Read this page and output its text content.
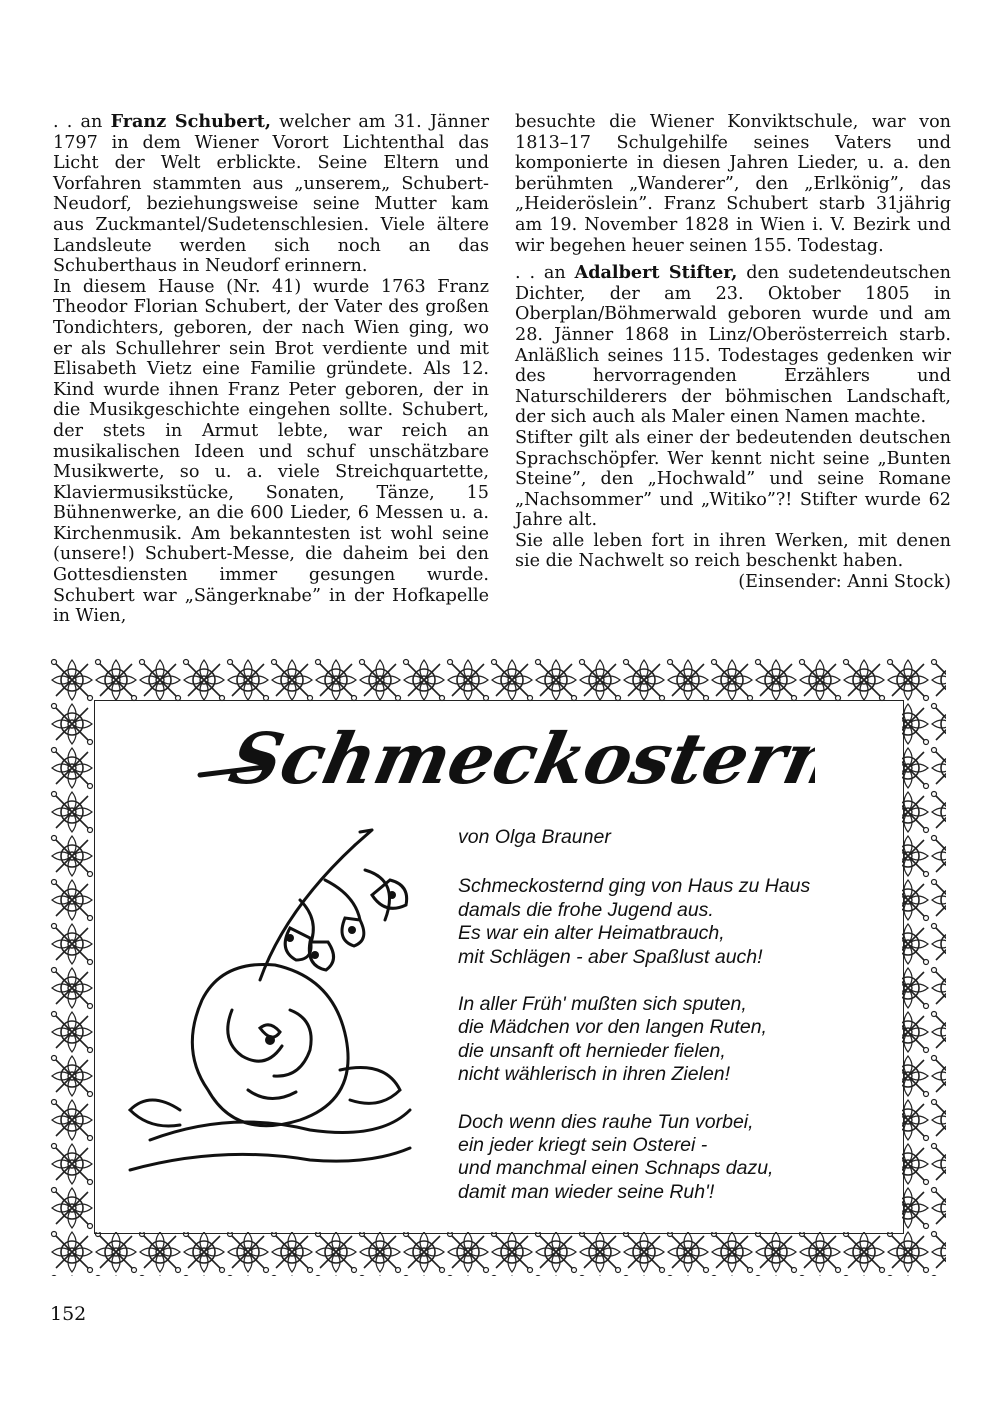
. . an Franz Schubert, welcher am 31. Jänner 1797 in dem Wiener Vorort Lichtenthal das Licht der Welt erblickte. Seine Eltern und Vorfahren stammten aus „unserem„ Schubert-Neudorf, beziehungsweise seine Mutter kam aus Zuckmantel/Sudetenschlesien. Viele ältere Landsleute werden sich noch an das Schuberthaus in Neudorf erinnern.

In diesem Hause (Nr. 41) wurde 1763 Franz Theodor Florian Schubert, der Vater des großen Tondichters, geboren, der nach Wien ging, wo er als Schullehrer sein Brot verdiente und mit Elisabeth Vietz eine Familie gründete. Als 12. Kind wurde ihnen Franz Peter geboren, der in die Musikgeschichte eingehen sollte. Schubert, der stets in Armut lebte, war reich an musikalischen Ideen und schuf unschätzbare Musikwerte, so u. a. viele Streichquartette, Klaviermusikstücke, Sonaten, Tänze, 15 Bühnenwerke, an die 600 Lieder, 6 Messen u. a. Kirchenmusik. Am bekanntesten ist wohl seine (unsere!) Schubert-Messe, die daheim bei den Gottesdiensten immer gesungen wurde. Schubert war „Sängerknabe” in der Hofkapelle in Wien,

besuchte die Wiener Konviktschule, war von 1813–17 Schulgehilfe seines Vaters und komponierte in diesen Jahren Lieder, u. a. den berühmten „Wanderer”, den „Erlkönig”, das „Heideröslein”. Franz Schubert starb 31jährig am 19. November 1828 in Wien i. V. Bezirk und wir begehen heuer seinen 155. Todestag.

. . an Adalbert Stifter, den sudetendeutschen Dichter, der am 23. Oktober 1805 in Oberplan/Böhmerwald geboren wurde und am 28. Jänner 1868 in Linz/Oberösterreich starb. Anläßlich seines 115. Todestages gedenken wir des hervorragenden Erzählers und Naturschilderers der böhmischen Landschaft, der sich auch als Maler einen Namen machte.

Stifter gilt als einer der bedeutenden deutschen Sprachschöpfer. Wer kennt nicht seine „Bunten Steine”, den „Hochwald” und seine Romane „Nachsommer” und „Witiko”?! Stifter wurde 62 Jahre alt.

Sie alle leben fort in ihren Werken, mit denen sie die Nachwelt so reich beschenkt haben.

(Einsender: Anni Stock)

Schmeckostern

von Olga Brauner

Schmeckosternd ging von Haus zu Haus

damals die frohe Jugend aus.

Es war ein alter Heimatbrauch,

mit Schlägen - aber Spaßlust auch!

In aller Früh' mußten sich sputen,

die Mädchen vor den langen Ruten,

die unsanft oft hernieder fielen,

nicht wählerisch in ihren Zielen!

Doch wenn dies rauhe Tun vorbei,

ein jeder kriegt sein Osterei -

und manchmal einen Schnaps dazu,

damit man wieder seine Ruh'!

152
